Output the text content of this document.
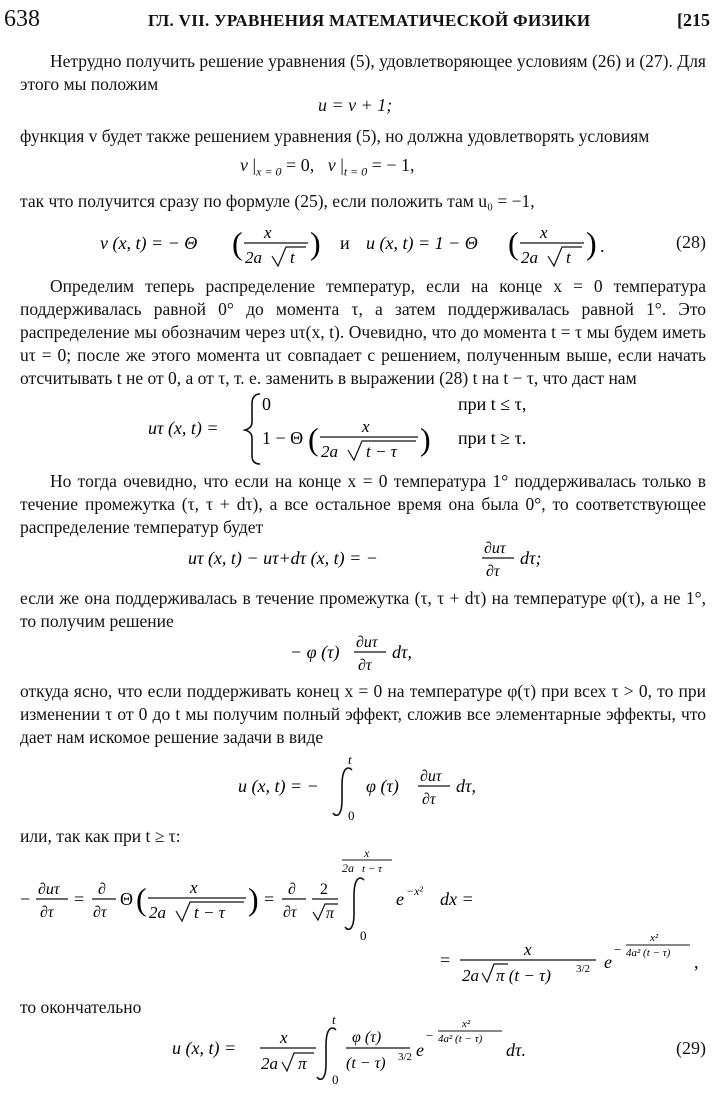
638	ГЛ. VII. УРАВНЕНИЯ МАТЕМАТИЧЕСКОЙ ФИЗИКИ	[215
Нетрудно получить решение уравнения (5), удовлетворяющее условиям (26) и (27). Для этого мы положим
u = v + 1;
функция v будет также решением уравнения (5), но должна удовлетворять условиям
v $|_{x = 0} = 0$, v $|_{t = 0}$ = − 1,
так что получится сразу по формуле (25), если положить там u₀ = −1,
v (x, t) = − Θ ( x
2a t ) и u (x, t) = 1 − Θ ( x
2a t ) .	(28)
Определим теперь распределение температур, если на конце x = 0 температура поддерживалась равной 0° до момента τ, а затем поддерживалась равной 1°. Это распределение мы обозначим через uτ(x, t). Очевидно, что до момента t = τ мы будем иметь uτ = 0; после же этого момента uτ совпадает с решением, полученным выше, если начать отсчитывать t не от 0, а от τ, т. е. заменить в выражении (28) t на t − τ, что даст нам
uτ (x, t) =
0	при t ≤ τ,
1 − Θ (	x
2a t − τ ) при t ≥ τ.
Но тогда очевидно, что если на конце x = 0 температура 1° поддерживалась только в течение промежутка (τ, τ + dτ), а все остальное время она была 0°, то соответствующее распределение температур будет
uτ (x, t) − uτ+dτ (x, t) = −	∂uτ
∂τ
dτ;
если же она поддерживалась в течение промежутка (τ, τ + dτ) на температуре φ(τ), а не 1°, то получим решение
− φ (τ) ∂uτ
∂τ
dτ,
откуда ясно, что если поддерживать конец x = 0 на температуре φ(τ) при всех τ > 0, то при изменении τ от 0 до t мы получим полный эффект, сложив все элементарные эффекты, что дает нам искомое решение задачи в виде
u (x, t) = −
t
0
φ (τ) ∂uτ
∂τ
dτ,
или, так как при t ≥ τ:
− ∂uτ
∂τ
= ∂
∂τ
Θ (	x
2a t − τ ) = ∂
∂τ
2
π
x
2a t − τ
0
e −x² dx =
=
x
2a π (t − τ) 3/2 e
−
x²
4a² (t − τ) ,
то окончательно
u (x, t) =
x
2a π
t
0
φ (τ)
(t − τ) 3/2 e
−
x²
4a² (t − τ)
dτ.	(29)
